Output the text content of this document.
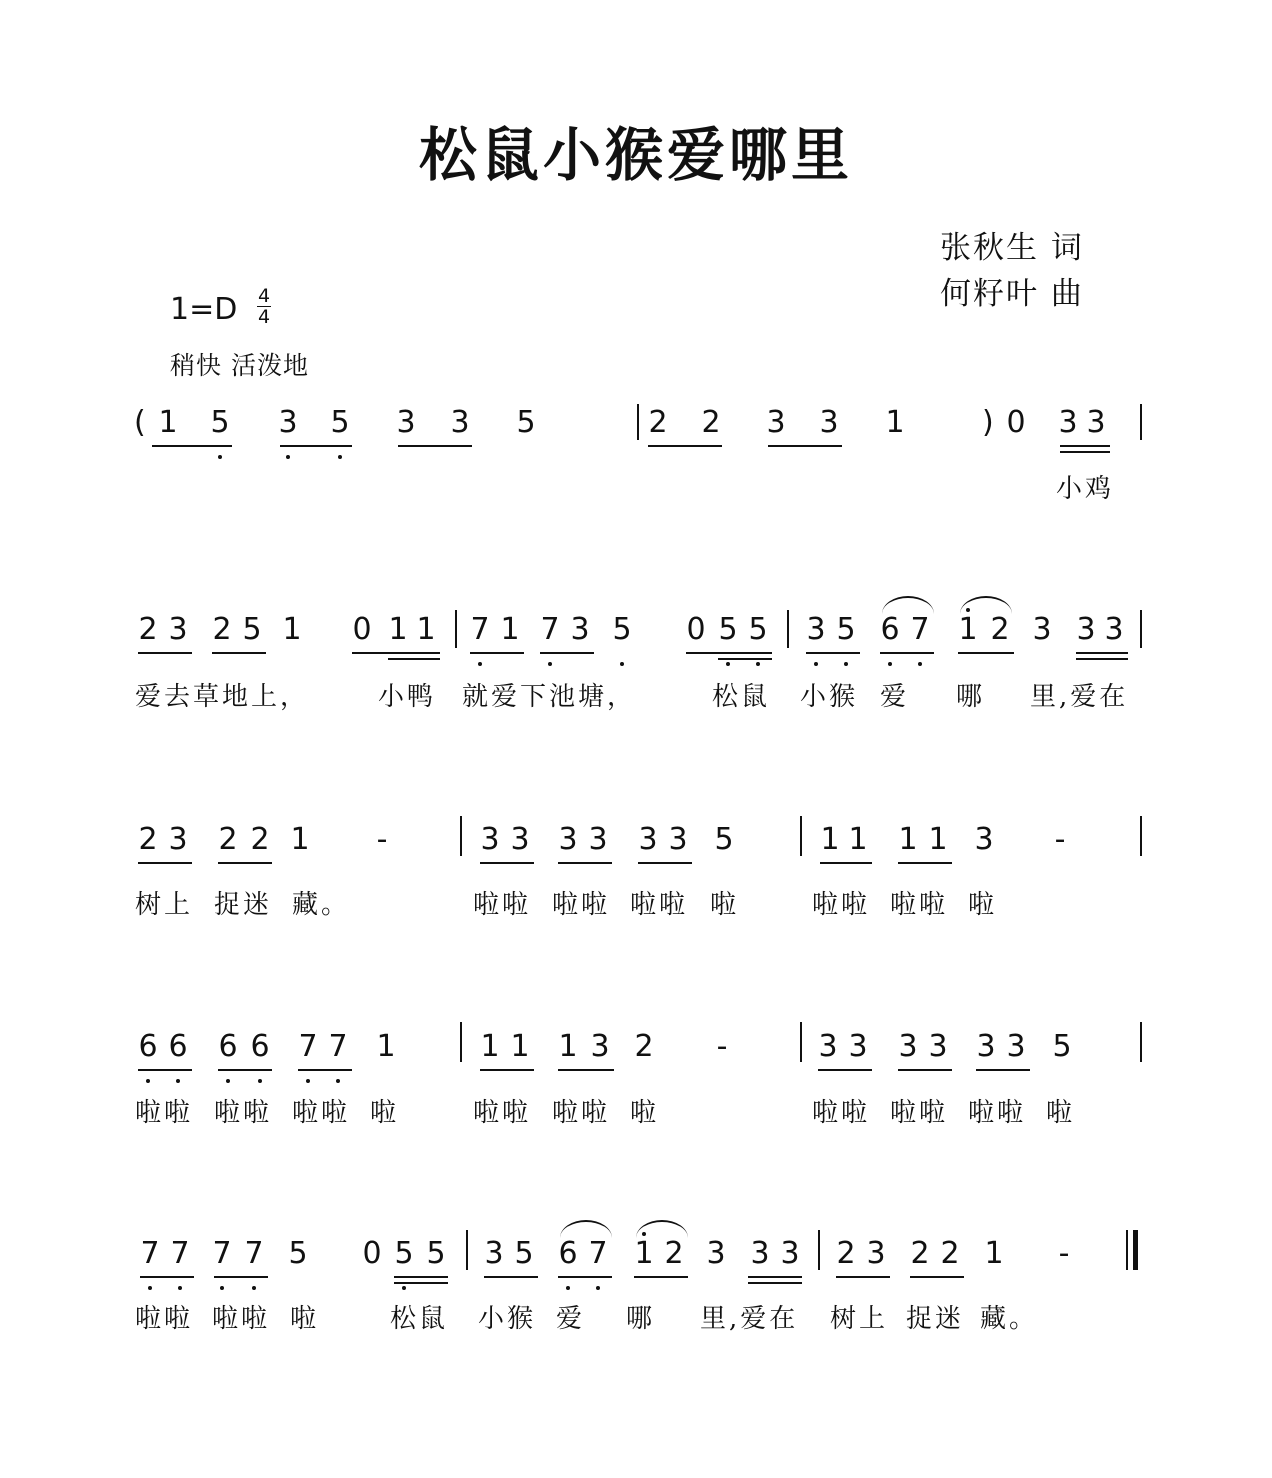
松鼠小猴爱哪里
张秋生 词
何籽叶 曲
1=D 4
4
稍快 活泼地
1 5 3 5 3 3 5	2 2 3 3 1	0 3 3
(	)
小鸡
2 3 2 5 1 0 1 1 7 1 7 3 5 0 5 5 3 5 6 7 1 2 3 3 3
爱去草地上，	小鸭 就爱下池塘，	松鼠 小猴 爱 哪 里,爱在
2 3 2 2 1 -	3 3 3 3 3 3 5	1 1 1 1 3 -
树上 捉迷 藏。	啦啦 啦啦 啦啦 啦	啦啦 啦啦 啦
6 6 6 6 7 7 1	1 1 1 3 2 -	3 3 3 3 3 3 5
啦啦 啦啦 啦啦 啦	啦啦 啦啦 啦	啦啦 啦啦 啦啦 啦
7 7 7 7 5 0 5 5 3 5 6 7 1 2 3 3 3 2 3 2 2 1 -
啦啦 啦啦 啦	松鼠 小猴 爱 哪 里,爱在 树上 捉迷 藏。
